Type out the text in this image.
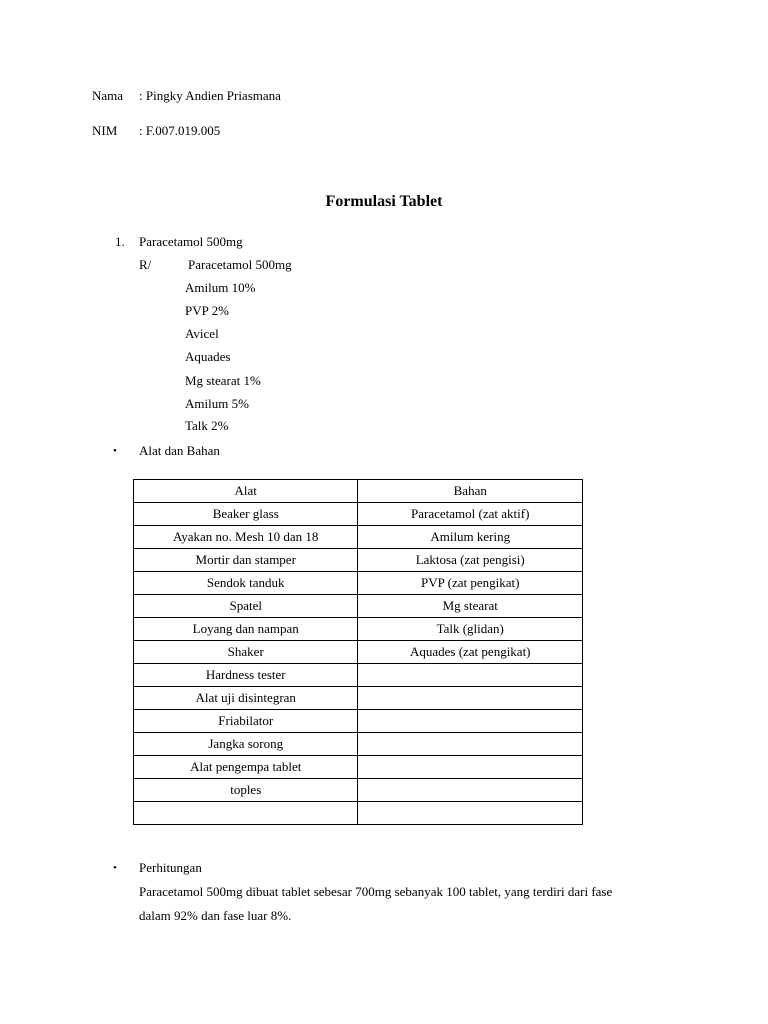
Nama : Pingky Andien Priasmana
NIM : F.007.019.005
Formulasi Tablet
1. Paracetamol 500mg
R/	Paracetamol 500mg
Amilum 10%
PVP 2%
Avicel
Aquades
Mg stearat 1%
Amilum 5%
Talk 2%
• Alat dan Bahan
Alat	Bahan
Beaker glass	Paracetamol (zat aktif)
Ayakan no. Mesh 10 dan 18	Amilum kering
Mortir dan stamper	Laktosa (zat pengisi)
Sendok tanduk	PVP (zat pengikat)
Spatel	Mg stearat
Loyang dan nampan	Talk (glidan)
Shaker	Aquades (zat pengikat)
Hardness tester	
Alat uji disintegran	
Friabilator	
Jangka sorong	
Alat pengempa tablet	
toples	

• Perhitungan
Paracetamol 500mg dibuat tablet sebesar 700mg sebanyak 100 tablet, yang terdiri dari fase
dalam 92% dan fase luar 8%.
